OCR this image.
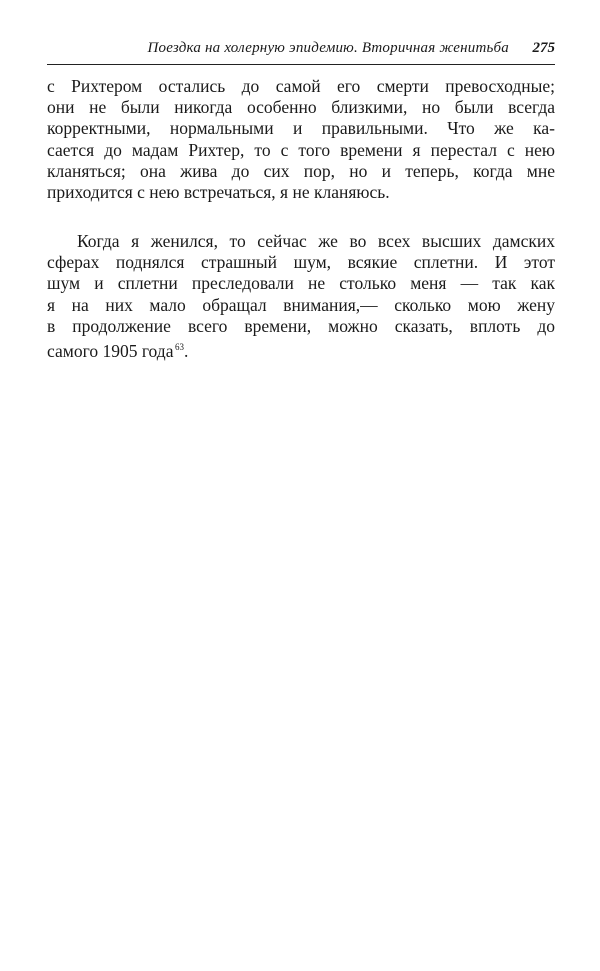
Поездка на холерную эпидемию. Вторичная женитьба 275
с Рихтером остались до самой его смерти превосходные;
они не были никогда особенно близкими, но были всегда
корректными, нормальными и правильными. Что же ка-
сается до мадам Рихтер, то с того времени я перестал с нею
кланяться; она жива до сих пор, но и теперь, когда мне
приходится с нею встречаться, я не кланяюсь.
Когда я женился, то сейчас же во всех высших дамских
сферах поднялся страшный шум, всякие сплетни. И этот
шум и сплетни преследовали не столько меня — так как
я на них мало обращал внимания,— сколько мою жену
в продолжение всего времени, можно сказать, вплоть до
самого 1905 года $^{63}$.
